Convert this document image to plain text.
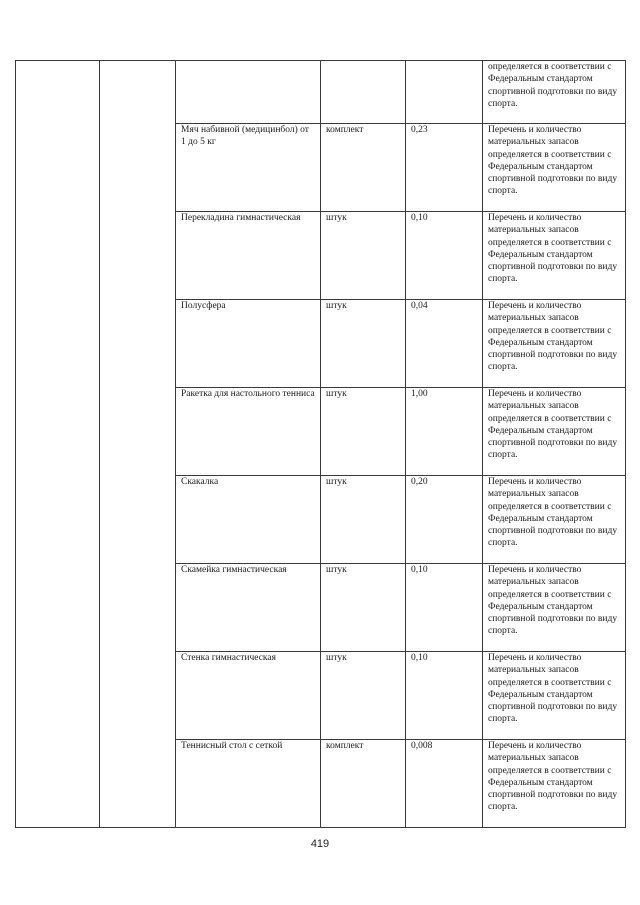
					определяется в соответствии с Федеральным стандартом спортивной подготовки по виду спорта.
		Мяч набивной (медицинбол) от 1 до 5 кг	комплект	0,23	Перечень и количество материальных запасов определяется в соответствии с Федеральным стандартом спортивной подготовки по виду спорта.
		Перекладина гимнастическая	штук	0,10	Перечень и количество материальных запасов определяется в соответствии с Федеральным стандартом спортивной подготовки по виду спорта.
		Полусфера	штук	0,04	Перечень и количество материальных запасов определяется в соответствии с Федеральным стандартом спортивной подготовки по виду спорта.
		Ракетка для настольного тенниса	штук	1,00	Перечень и количество материальных запасов определяется в соответствии с Федеральным стандартом спортивной подготовки по виду спорта.
		Скакалка	штук	0,20	Перечень и количество материальных запасов определяется в соответствии с Федеральным стандартом спортивной подготовки по виду спорта.
		Скамейка гимнастическая	штук	0,10	Перечень и количество материальных запасов определяется в соответствии с Федеральным стандартом спортивной подготовки по виду спорта.
		Стенка гимнастическая	штук	0,10	Перечень и количество материальных запасов определяется в соответствии с Федеральным стандартом спортивной подготовки по виду спорта.
		Теннисный стол с сеткой	комплект	0,008	Перечень и количество материальных запасов определяется в соответствии с Федеральным стандартом спортивной подготовки по виду спорта.
419
